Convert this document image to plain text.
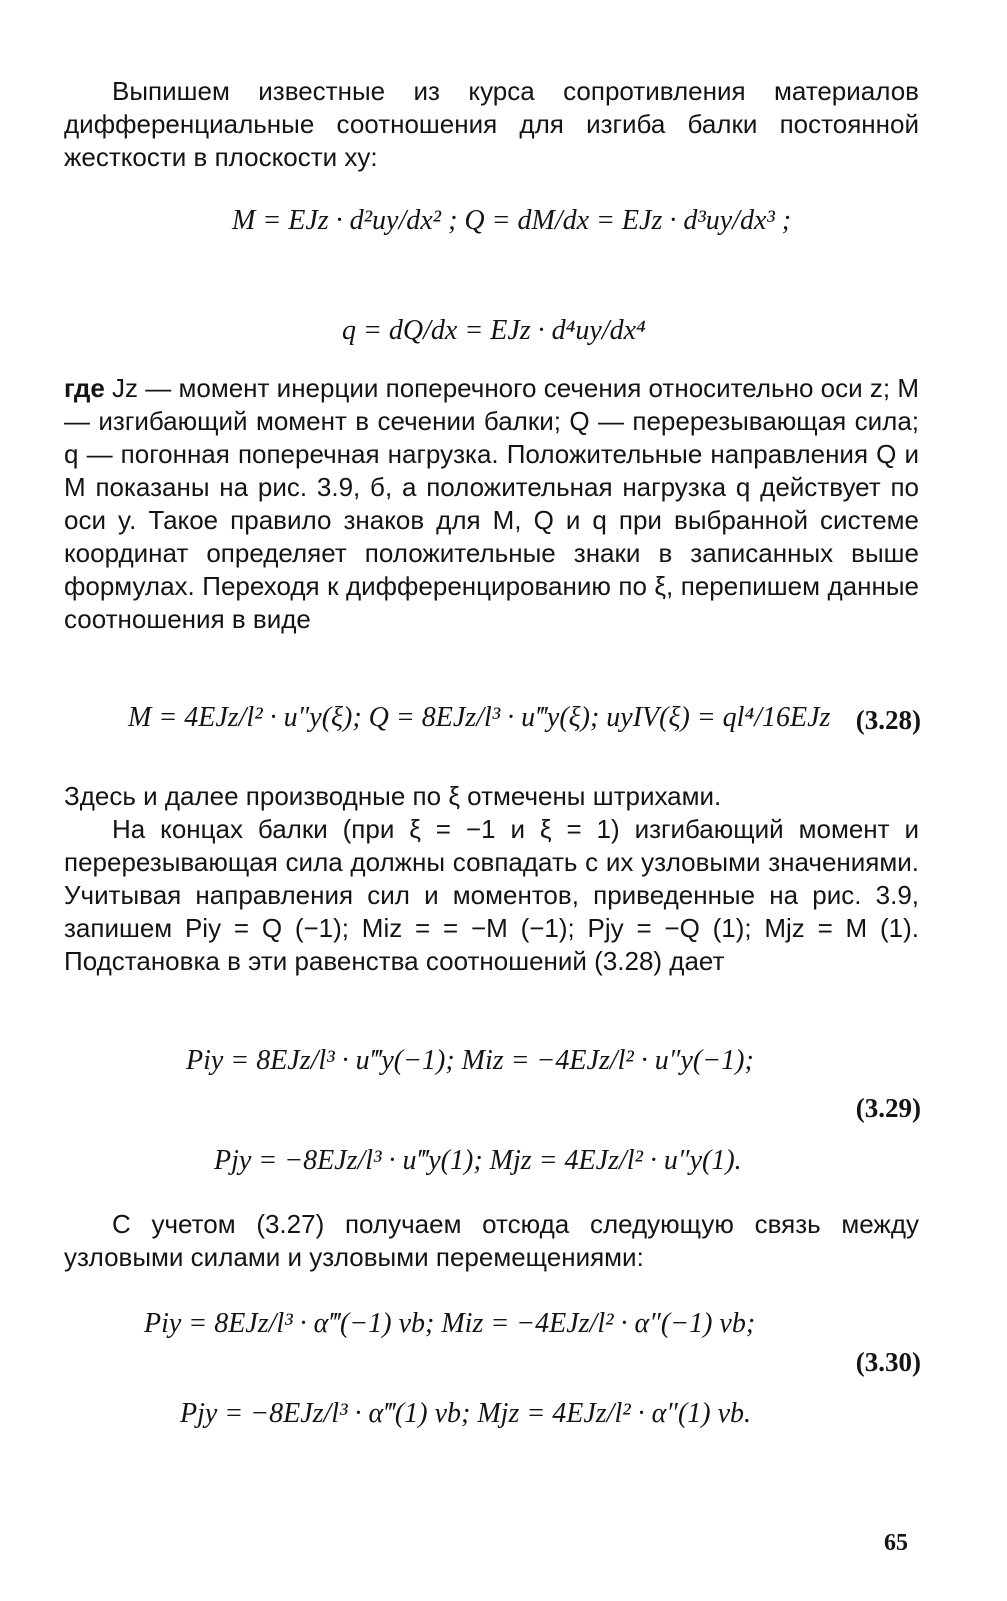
Выпишем известные из курса сопротивления материалов дифференциальные соотношения для изгиба балки постоянной жесткости в плоскости xy:

M = EJz · d²uy/dx² ; Q = dM/dx = EJz · d³uy/dx³ ;

q = dQ/dx = EJz · d⁴uy/dx⁴

где Jz — момент инерции поперечного сечения относительно оси z; M — изгибающий момент в сечении балки; Q — перерезывающая сила; q — погонная поперечная нагрузка. Положительные направления Q и M показаны на рис. 3.9, б, а положительная нагрузка q действует по оси y. Такое правило знаков для M, Q и q при выбранной системе координат определяет положительные знаки в записанных выше формулах. Переходя к дифференцированию по ξ, перепишем данные соотношения в виде

M = 4EJz/l² · u″y(ξ); Q = 8EJz/l³ · u‴y(ξ); uyIV(ξ) = ql⁴/16EJz (3.28)

Здесь и далее производные по ξ отмечены штрихами.

На концах балки (при ξ = −1 и ξ = 1) изгибающий момент и перерезывающая сила должны совпадать с их узловыми значениями. Учитывая направления сил и моментов, приведенные на рис. 3.9, запишем Piy = Q (−1); Miz = = −M (−1); Pjy = −Q (1); Mjz = M (1). Подстановка в эти равенства соотношений (3.28) дает

Piy = 8EJz/l³ · u‴y(−1); Miz = −4EJz/l² · u″y(−1);

Pjy = −8EJz/l³ · u‴y(1); Mjz = 4EJz/l² · u″y(1).

(3.29)

С учетом (3.27) получаем отсюда следующую связь между узловыми силами и узловыми перемещениями:

Piy = 8EJz/l³ · α‴(−1) vb; Miz = −4EJz/l² · α″(−1) vb;

Pjy = −8EJz/l³ · α‴(1) vb; Mjz = 4EJz/l² · α″(1) vb.

(3.30)

65
